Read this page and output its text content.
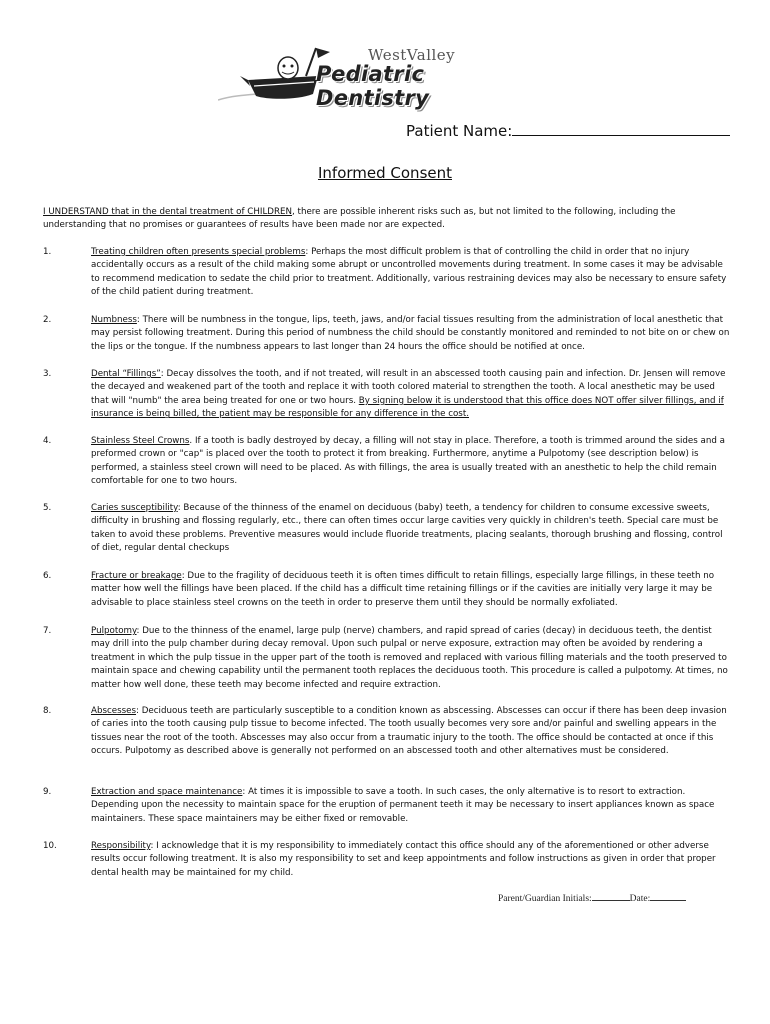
WestValley
Pediatric Dentistry
Patient Name:
Informed Consent
I UNDERSTAND that in the dental treatment of CHILDREN, there are possible inherent risks such as, but not limited to the following, including the understanding that no promises or guarantees of results have been made nor are expected.
1.	Treating children often presents special problems: Perhaps the most difficult problem is that of controlling the child in order that no injury accidentally occurs as a result of the child making some abrupt or uncontrolled movements during treatment. In some cases it may be advisable to recommend medication to sedate the child prior to treatment. Additionally, various restraining devices may also be necessary to ensure safety of the child patient during treatment.
2.	Numbness: There will be numbness in the tongue, lips, teeth, jaws, and/or facial tissues resulting from the administration of local anesthetic that may persist following treatment. During this period of numbness the child should be constantly monitored and reminded to not bite on or chew on the lips or the tongue. If the numbness appears to last longer than 24 hours the office should be notified at once.
3.	Dental “Fillings”: Decay dissolves the tooth, and if not treated, will result in an abscessed tooth causing pain and infection. Dr. Jensen will remove the decayed and weakened part of the tooth and replace it with tooth colored material to strengthen the tooth. A local anesthetic may be used that will "numb" the area being treated for one or two hours. By signing below it is understood that this office does NOT offer silver fillings, and if insurance is being billed, the patient may be responsible for any difference in the cost.
4.	Stainless Steel Crowns. If a tooth is badly destroyed by decay, a filling will not stay in place. Therefore, a tooth is trimmed around the sides and a preformed crown or "cap" is placed over the tooth to protect it from breaking. Furthermore, anytime a Pulpotomy (see description below) is performed, a stainless steel crown will need to be placed. As with fillings, the area is usually treated with an anesthetic to help the child remain comfortable for one to two hours.
5.	Caries susceptibility: Because of the thinness of the enamel on deciduous (baby) teeth, a tendency for children to consume excessive sweets, difficulty in brushing and flossing regularly, etc., there can often times occur large cavities very quickly in children's teeth. Special care must be taken to avoid these problems. Preventive measures would include fluoride treatments, placing sealants, thorough brushing and flossing, control of diet, regular dental checkups
6.	Fracture or breakage: Due to the fragility of deciduous teeth it is often times difficult to retain fillings, especially large fillings, in these teeth no matter how well the fillings have been placed. If the child has a difficult time retaining fillings or if the cavities are initially very large it may be advisable to place stainless steel crowns on the teeth in order to preserve them until they should be normally exfoliated.
7.	Pulpotomy: Due to the thinness of the enamel, large pulp (nerve) chambers, and rapid spread of caries (decay) in deciduous teeth, the dentist may drill into the pulp chamber during decay removal. Upon such pulpal or nerve exposure, extraction may often be avoided by rendering a treatment in which the pulp tissue in the upper part of the tooth is removed and replaced with various filling materials and the tooth preserved to maintain space and chewing capability until the permanent tooth replaces the deciduous tooth. This procedure is called a pulpotomy. At times, no matter how well done, these teeth may become infected and require extraction.
8.	Abscesses: Deciduous teeth are particularly susceptible to a condition known as abscessing. Abscesses can occur if there has been deep invasion of caries into the tooth causing pulp tissue to become infected. The tooth usually becomes very sore and/or painful and swelling appears in the tissues near the root of the tooth. Abscesses may also occur from a traumatic injury to the tooth. The office should be contacted at once if this occurs. Pulpotomy as described above is generally not performed on an abscessed tooth and other alternatives must be considered.
9.	Extraction and space maintenance: At times it is impossible to save a tooth. In such cases, the only alternative is to resort to extraction. Depending upon the necessity to maintain space for the eruption of permanent teeth it may be necessary to insert appliances known as space maintainers. These space maintainers may be either fixed or removable.
10.	Responsibility: I acknowledge that it is my responsibility to immediately contact this office should any of the aforementioned or other adverse results occur following treatment. It is also my responsibility to set and keep appointments and follow instructions as given in order that proper dental health may be maintained for my child.
Parent/Guardian Initials:	Date:
